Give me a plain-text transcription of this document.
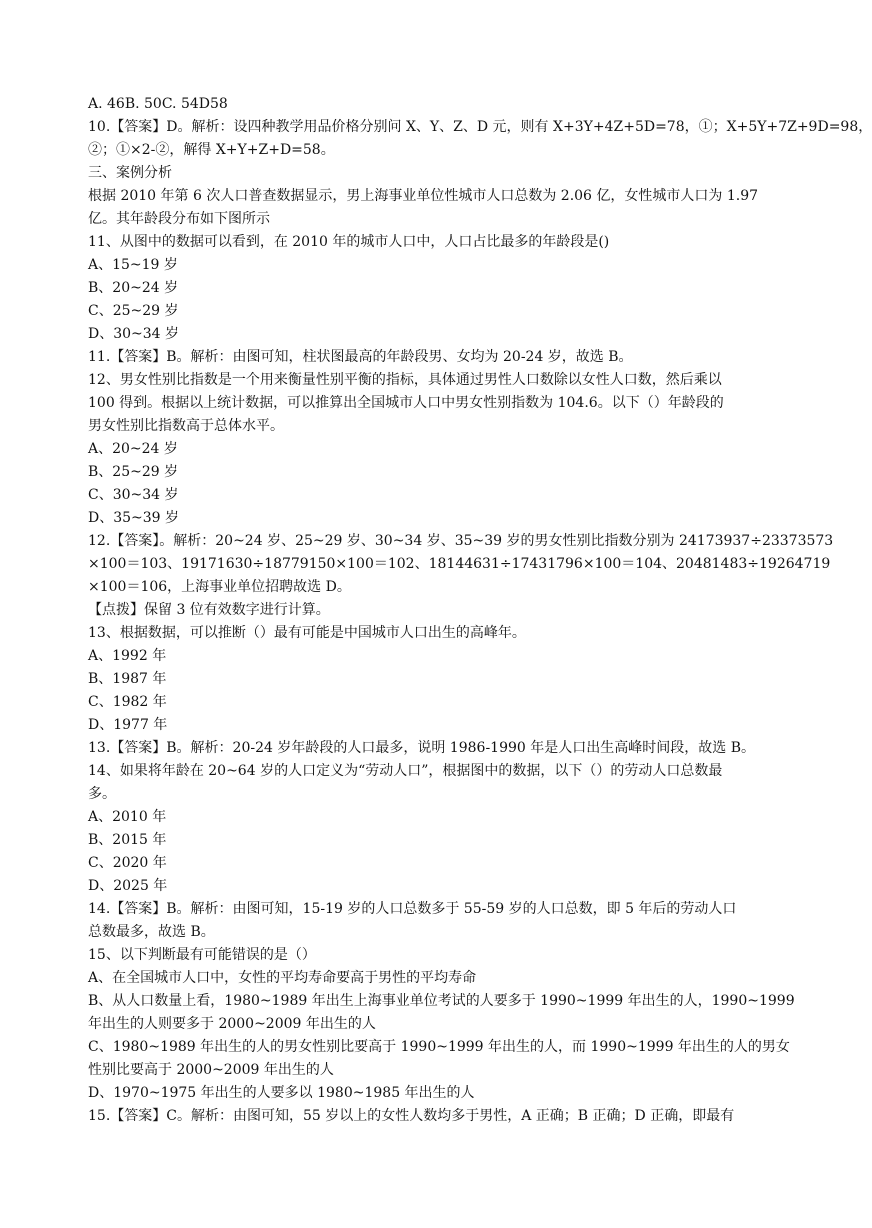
A. 46B. 50C. 54D58
10.【答案】D。解析：设四种教学用品价格分别问 X、Y、Z、D 元，则有 X+3Y+4Z+5D=78，①；X+5Y+7Z+9D=98，
②；①×2-②，解得 X+Y+Z+D=58。
三、案例分析
根据 2010 年第 6 次人口普查数据显示，男上海事业单位性城市人口总数为 2.06 亿，女性城市人口为 1.97
亿。其年龄段分布如下图所示
11、从图中的数据可以看到，在 2010 年的城市人口中，人口占比最多的年龄段是()
A、15~19 岁
B、20~24 岁
C、25~29 岁
D、30~34 岁
11.【答案】B。解析：由图可知，柱状图最高的年龄段男、女均为 20-24 岁，故选 B。
12、男女性别比指数是一个用来衡量性别平衡的指标，具体通过男性人口数除以女性人口数，然后乘以
100 得到。根据以上统计数据，可以推算出全国城市人口中男女性别指数为 104.6。以下（）年龄段的
男女性别比指数高于总体水平。
A、20~24 岁
B、25~29 岁
C、30~34 岁
D、35~39 岁
12.【答案】。解析：20~24 岁、25~29 岁、30~34 岁、35~39 岁的男女性别比指数分别为 24173937÷23373573
×100＝103、19171630÷18779150×100＝102、18144631÷17431796×100＝104、20481483÷19264719
×100＝106，上海事业单位招聘故选 D。
【点拨】保留 3 位有效数字进行计算。
13、根据数据，可以推断（）最有可能是中国城市人口出生的高峰年。
A、1992 年
B、1987 年
C、1982 年
D、1977 年
13.【答案】B。解析：20-24 岁年龄段的人口最多，说明 1986-1990 年是人口出生高峰时间段，故选 B。
14、如果将年龄在 20~64 岁的人口定义为“劳动人口”，根据图中的数据，以下（）的劳动人口总数最
多。
A、2010 年
B、2015 年
C、2020 年
D、2025 年
14.【答案】B。解析：由图可知，15-19 岁的人口总数多于 55-59 岁的人口总数，即 5 年后的劳动人口
总数最多，故选 B。
15、以下判断最有可能错误的是（）
A、在全国城市人口中，女性的平均寿命要高于男性的平均寿命
B、从人口数量上看，1980~1989 年出生上海事业单位考试的人要多于 1990~1999 年出生的人，1990~1999
年出生的人则要多于 2000~2009 年出生的人
C、1980~1989 年出生的人的男女性别比要高于 1990~1999 年出生的人，而 1990~1999 年出生的人的男女
性别比要高于 2000~2009 年出生的人
D、1970~1975 年出生的人要多以 1980~1985 年出生的人
15.【答案】C。解析：由图可知，55 岁以上的女性人数均多于男性，A 正确；B 正确；D 正确，即最有
